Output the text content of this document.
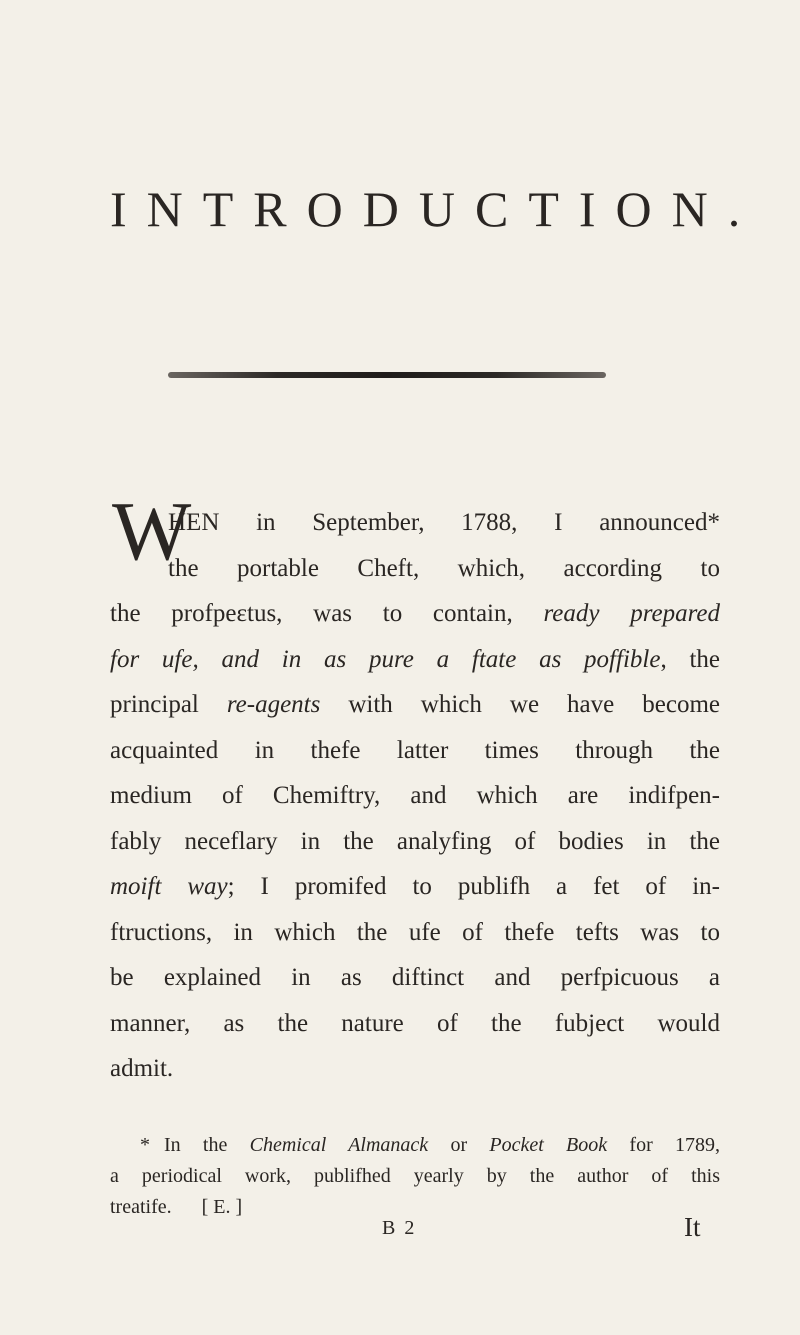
INTRODUCTION.
W
HEN in September, 1788, I announced*
the portable Cheft, which, according to
the profpeɛtus, was to contain, ready prepared
for ufe, and in as pure a ftate as poffible, the
principal re-agents with which we have become
acquainted in thefe latter times through the
medium of Chemiftry, and which are indifpen-
fably neceflary in the analyfing of bodies in the
moift way; I promifed to publifh a fet of in-
ftructions, in which the ufe of thefe tefts was to
be explained in as diftinct and perfpicuous a
manner, as the nature of the fubject would
admit.
* In the Chemical Almanack or Pocket Book for 1789,
a periodical work, publifhed yearly by the author of this
treatife.      [ E. ]
B 2	It
